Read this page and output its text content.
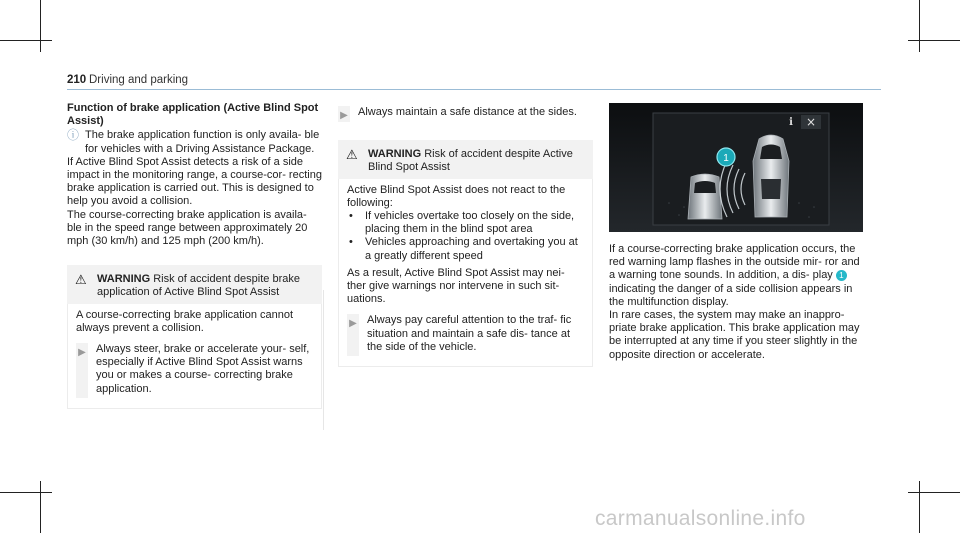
210 Driving and parking

Function of brake application (Active Blind Spot Assist)

ⓘ The brake application function is only availa- ble for vehicles with a Driving Assistance Package.

If Active Blind Spot Assist detects a risk of a side impact in the monitoring range, a course-cor- recting brake application is carried out. This is designed to help you avoid a collision.

The course-correcting brake application is availa- ble in the speed range between approximately 20 mph (30 km/h) and 125 mph (200 km/h).

⚠ WARNING Risk of accident despite brake application of Active Blind Spot Assist

A course-correcting brake application cannot always prevent a collision.

▶ Always steer, brake or accelerate your- self, especially if Active Blind Spot Assist warns you or makes a course- correcting brake application.
▶ Always maintain a safe distance at the sides.
⚠ WARNING Risk of accident despite Active Blind Spot Assist

Active Blind Spot Assist does not react to the following:

•	If vehicles overtake too closely on the side, placing them in the blind spot area
•	Vehicles approaching and overtaking you at a greatly different speed

As a result, Active Blind Spot Assist may nei- ther give warnings nor intervene in such sit- uations.

▶ Always pay careful attention to the traf- fic situation and maintain a safe dis- tance at the side of the vehicle.
1
i ×

If a course-correcting brake application occurs, the red warning lamp flashes in the outside mir- ror and a warning tone sounds. In addition, a dis- play 1 indicating the danger of a side collision appears in the multifunction display.

In rare cases, the system may make an inappro- priate brake application. This brake application may be interrupted at any time if you steer slightly in the opposite direction or accelerate.

carmanualsonline.info
